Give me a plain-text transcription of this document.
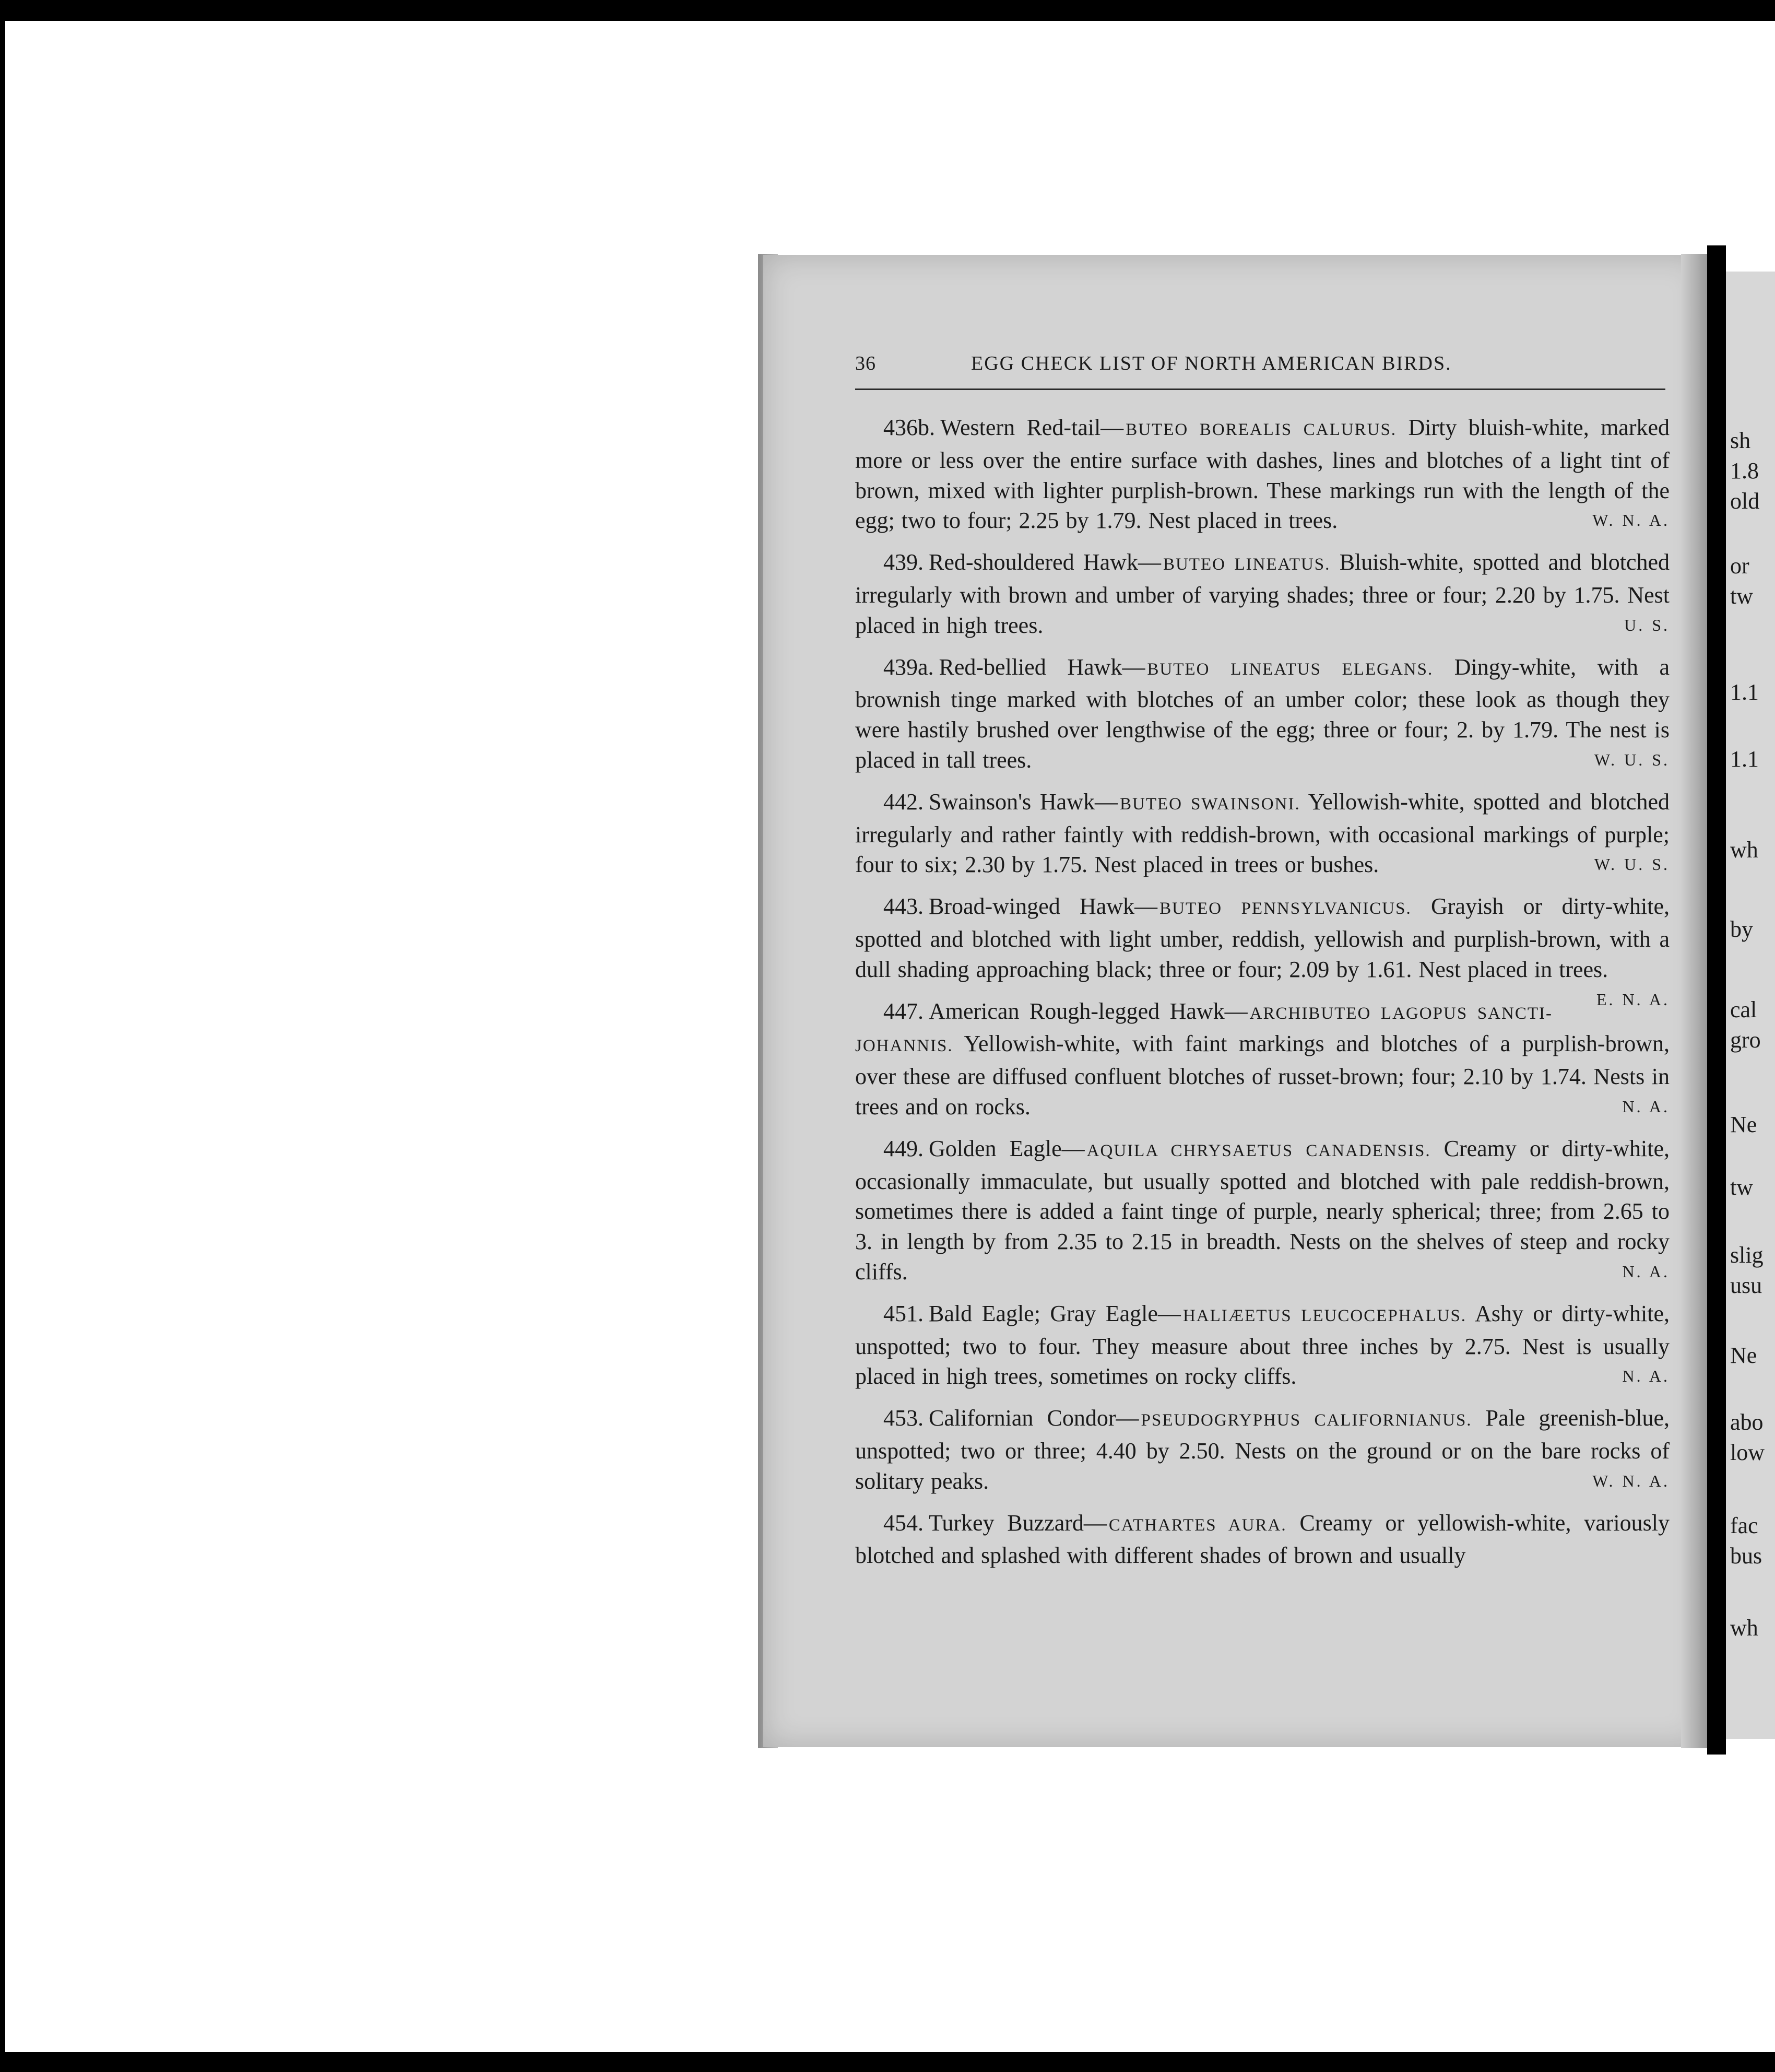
sh
1.8
old
or
tw
1.1
1.1
wh
by
cal
gro
Ne
tw
slig
usu
Ne
abo
low
fac
bus
wh
36	EGG CHECK LIST OF NORTH AMERICAN BIRDS.

436b. Western Red-tail— BUTEO BOREALIS CALURUS. Dirty bluish-white, marked more or less over the entire surface with dashes, lines and blotches of a light tint of brown, mixed with lighter purplish-brown. These markings run with the length of the egg; two to four; 2.25 by 1.79. Nest placed in trees.	W. N. A.

439. Red-shouldered Hawk— BUTEO LINEATUS. Bluish-white, spotted and blotched irregularly with brown and umber of varying shades; three or four; 2.20 by 1.75. Nest placed in high trees.	U. S.

439a. Red-bellied Hawk— BUTEO LINEATUS ELEGANS. Dingy-white, with a brownish tinge marked with blotches of an umber color; these look as though they were hastily brushed over lengthwise of the egg; three or four; 2. by 1.79. The nest is placed in tall trees.	W. U. S.

442. Swainson's Hawk— BUTEO SWAINSONI. Yellowish-white, spotted and blotched irregularly and rather faintly with reddish-brown, with occasional markings of purple; four to six; 2.30 by 1.75. Nest placed in trees or bushes.	W. U. S.

443. Broad-winged Hawk— BUTEO PENNSYLVANICUS. Grayish or dirty-white, spotted and blotched with light umber, reddish, yellowish and purplish-brown, with a dull shading approaching black; three or four; 2.09 by 1.61. Nest placed in trees.
E. N. A.

447. American Rough-legged Hawk— ARCHIBUTEO LAGOPUS SANCTI-JOHANNIS. Yellowish-white, with faint markings and blotches of a purplish-brown, over these are diffused confluent blotches of russet-brown; four; 2.10 by 1.74. Nests in trees and on rocks.	N. A.

449. Golden Eagle— AQUILA CHRYSAETUS CANADENSIS. Creamy or dirty-white, occasionally immaculate, but usually spotted and blotched with pale reddish-brown, sometimes there is added a faint tinge of purple, nearly spherical; three; from 2.65 to 3. in length by from 2.35 to 2.15 in breadth. Nests on the shelves of steep and rocky cliffs.	N. A.

451. Bald Eagle; Gray Eagle— HALIÆETUS LEUCOCEPHALUS. Ashy or dirty-white, unspotted; two to four. They measure about three inches by 2.75. Nest is usually placed in high trees, sometimes on rocky cliffs.	N. A.

453. Californian Condor— PSEUDOGRYPHUS CALIFORNIANUS. Pale greenish-blue, unspotted; two or three; 4.40 by 2.50. Nests on the ground or on the bare rocks of solitary peaks.	W. N. A.

454. Turkey Buzzard— CATHARTES AURA. Creamy or yellowish-white, variously blotched and splashed with different shades of brown and usually
